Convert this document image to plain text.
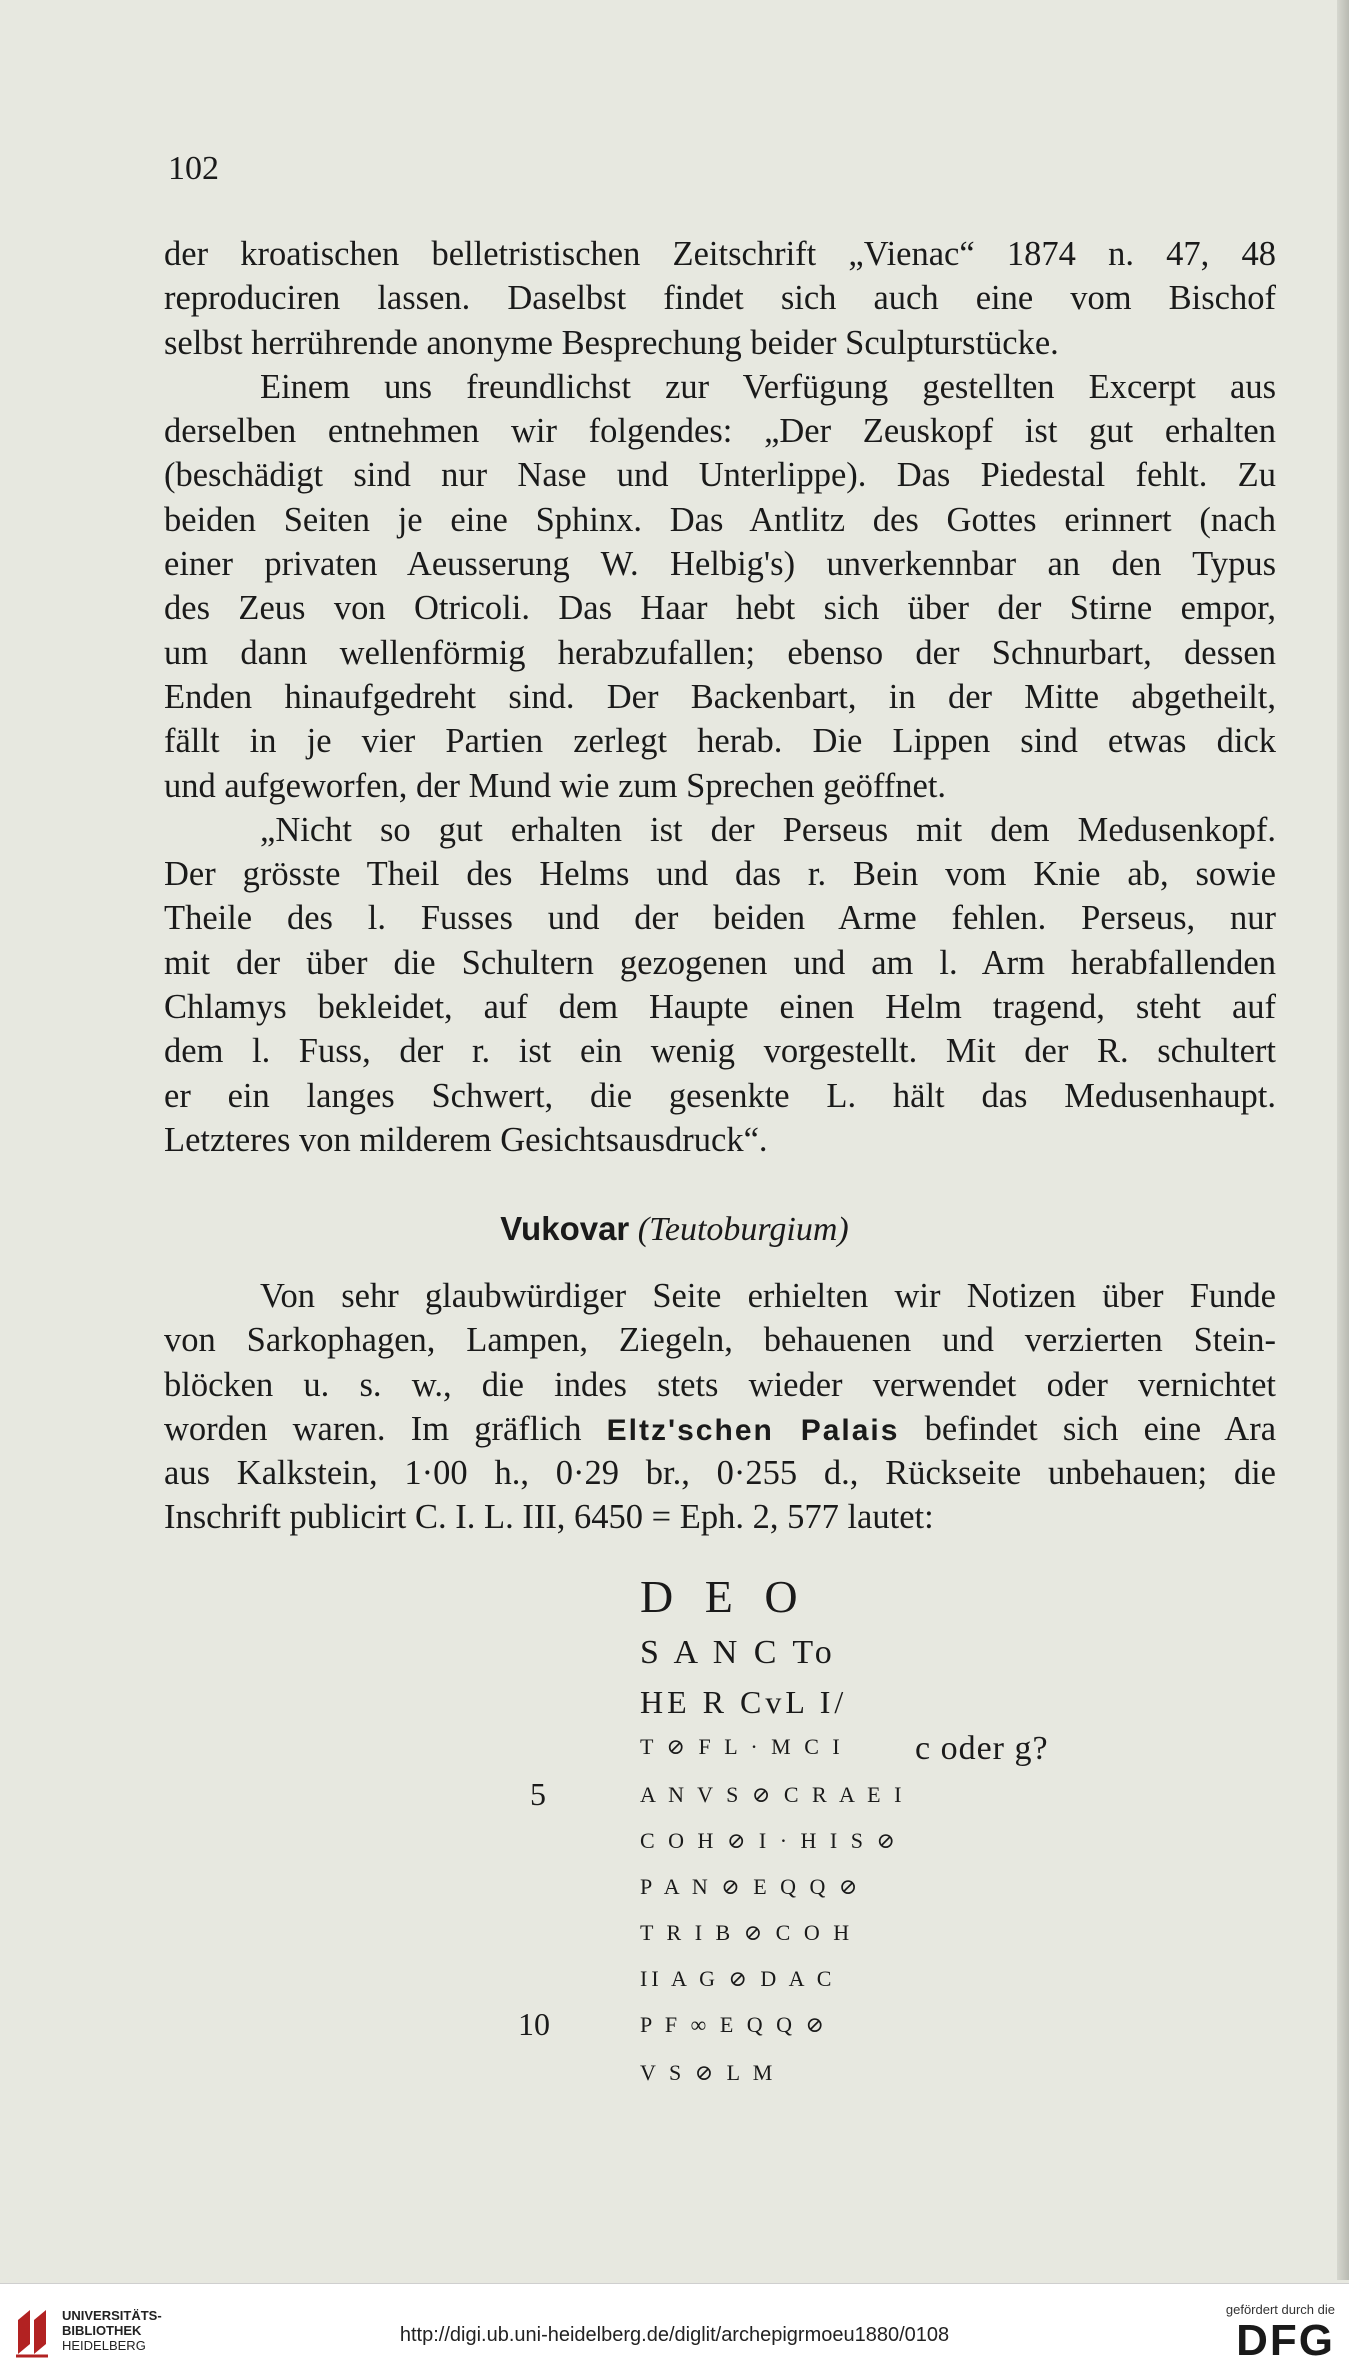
102
der kroatischen belletristischen Zeitschrift „Vienac“ 1874 n. 47, 48
reproduciren lassen. Daselbst findet sich auch eine vom Bischof
selbst herrührende anonyme Besprechung beider Sculpturstücke.
Einem uns freundlichst zur Verfügung gestellten Excerpt aus
derselben entnehmen wir folgendes: „Der Zeuskopf ist gut erhalten
(beschädigt sind nur Nase und Unterlippe). Das Piedestal fehlt. Zu
beiden Seiten je eine Sphinx. Das Antlitz des Gottes erinnert (nach
einer privaten Aeusserung W. Helbig's) unverkennbar an den Typus
des Zeus von Otricoli. Das Haar hebt sich über der Stirne empor,
um dann wellenförmig herabzufallen; ebenso der Schnurbart, dessen
Enden hinaufgedreht sind. Der Backenbart, in der Mitte abgetheilt,
fällt in je vier Partien zerlegt herab. Die Lippen sind etwas dick
und aufgeworfen, der Mund wie zum Sprechen geöffnet.
„Nicht so gut erhalten ist der Perseus mit dem Medusenkopf.
Der grösste Theil des Helms und das r. Bein vom Knie ab, sowie
Theile des l. Fusses und der beiden Arme fehlen. Perseus, nur
mit der über die Schultern gezogenen und am l. Arm herabfallenden
Chlamys bekleidet, auf dem Haupte einen Helm tragend, steht auf
dem l. Fuss, der r. ist ein wenig vorgestellt. Mit der R. schultert
er ein langes Schwert, die gesenkte L. hält das Medusenhaupt.
Letzteres von milderem Gesichtsausdruck“.
Vukovar (Teutoburgium)
Von sehr glaubwürdiger Seite erhielten wir Notizen über Funde
von Sarkophagen, Lampen, Ziegeln, behauenen und verzierten Stein-
blöcken u. s. w., die indes stets wieder verwendet oder vernichtet
worden waren. Im gräflich Eltz'schen Palais befindet sich eine Ara
aus Kalkstein, 1·00 h., 0·29 br., 0·255 d., Rückseite unbehauen; die
Inschrift publicirt C. I. L. III, 6450 = Eph. 2, 577 lautet:
D E O
S A N C To
HE R CvL I/
T ⊘ F L · M C I
A N V S ⊘ C R A E I
C O H ⊘ I · H I S ⊘
P A N ⊘ E Q Q ⊘
T R I B ⊘ C O H
II A G ⊘ D A C
P F ∞ E Q Q ⊘
V S ⊘ L M
5
10
c oder g?
UNIVERSITÄTS-
BIBLIOTHEK
HEIDELBERG	http://digi.ub.uni-heidelberg.de/diglit/archepigrmoeu1880/0108
gefördert durch die
DFG
